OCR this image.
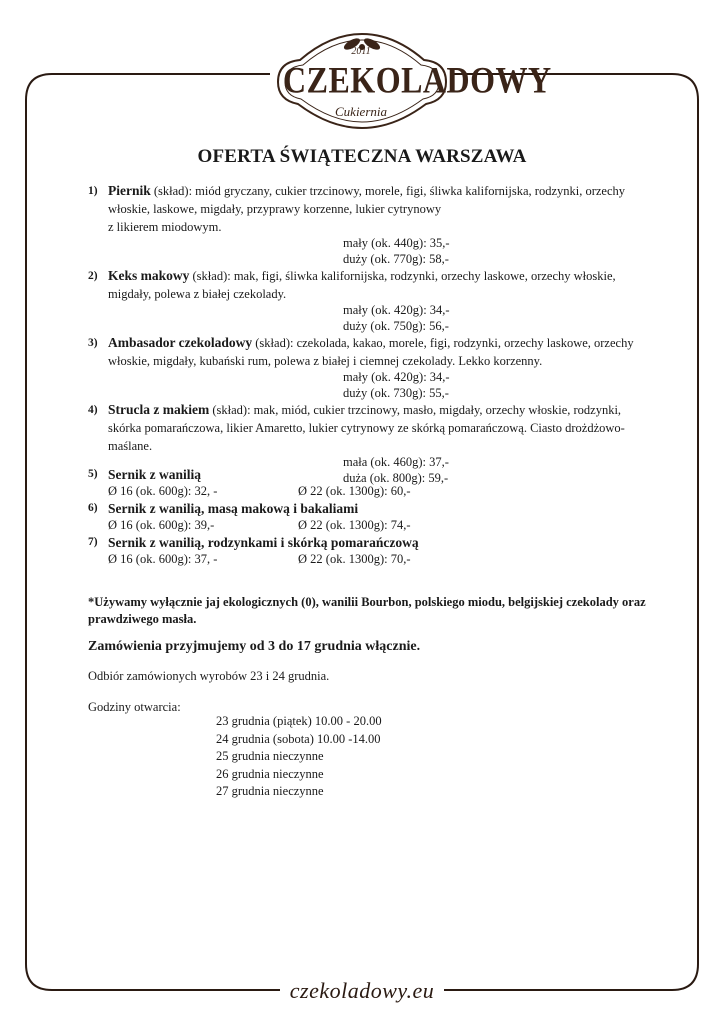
2011
CZEKOLADOWY
Cukiernia
OFERTA ŚWIĄTECZNA WARSZAWA
1) Piernik (skład): miód gryczany, cukier trzcinowy, morele, figi, śliwka kalifornijska, rodzynki, orzechy włoskie, laskowe, migdały, przyprawy korzenne, lukier cytrynowy
z likierem miodowym.
mały (ok. 440g): 35,-
duży (ok. 770g): 58,-
2) Keks makowy (skład): mak, figi, śliwka kalifornijska, rodzynki, orzechy laskowe, orzechy włoskie, migdały, polewa z białej czekolady.
mały (ok. 420g): 34,-
duży (ok. 750g): 56,-
3) Ambasador czekoladowy (skład): czekolada, kakao, morele, figi, rodzynki, orzechy laskowe, orzechy włoskie, migdały, kubański rum, polewa z białej i ciemnej czekolady. Lekko korzenny.
mały (ok. 420g): 34,-
duży (ok. 730g): 55,-
4) Strucla z makiem (skład): mak, miód, cukier trzcinowy, masło, migdały, orzechy włoskie, rodzynki, skórka pomarańczowa, likier Amaretto, lukier cytrynowy ze skórką pomarańczową. Ciasto drożdżowo-maślane.
mała (ok. 460g): 37,-
duża (ok. 800g): 59,-
5) Sernik z wanilią
Ø 16 (ok. 600g): 32, -	Ø 22 (ok. 1300g): 60,-
6) Sernik z wanilią, masą makową i bakaliami
Ø 16 (ok. 600g): 39,-	Ø 22 (ok. 1300g): 74,-
7) Sernik z wanilią, rodzynkami i skórką pomarańczową
Ø 16 (ok. 600g): 37, -	Ø 22 (ok. 1300g): 70,-
*Używamy wyłącznie jaj ekologicznych (0), wanilii Bourbon, polskiego miodu, belgijskiej czekolady oraz prawdziwego masła.
Zamówienia przyjmujemy od 3 do 17 grudnia włącznie.
Odbiór zamówionych wyrobów 23 i 24 grudnia.
Godziny otwarcia:
23 grudnia (piątek) 10.00 - 20.00
24 grudnia (sobota) 10.00 -14.00
25 grudnia nieczynne
26 grudnia nieczynne
27 grudnia nieczynne
czekoladowy.eu
